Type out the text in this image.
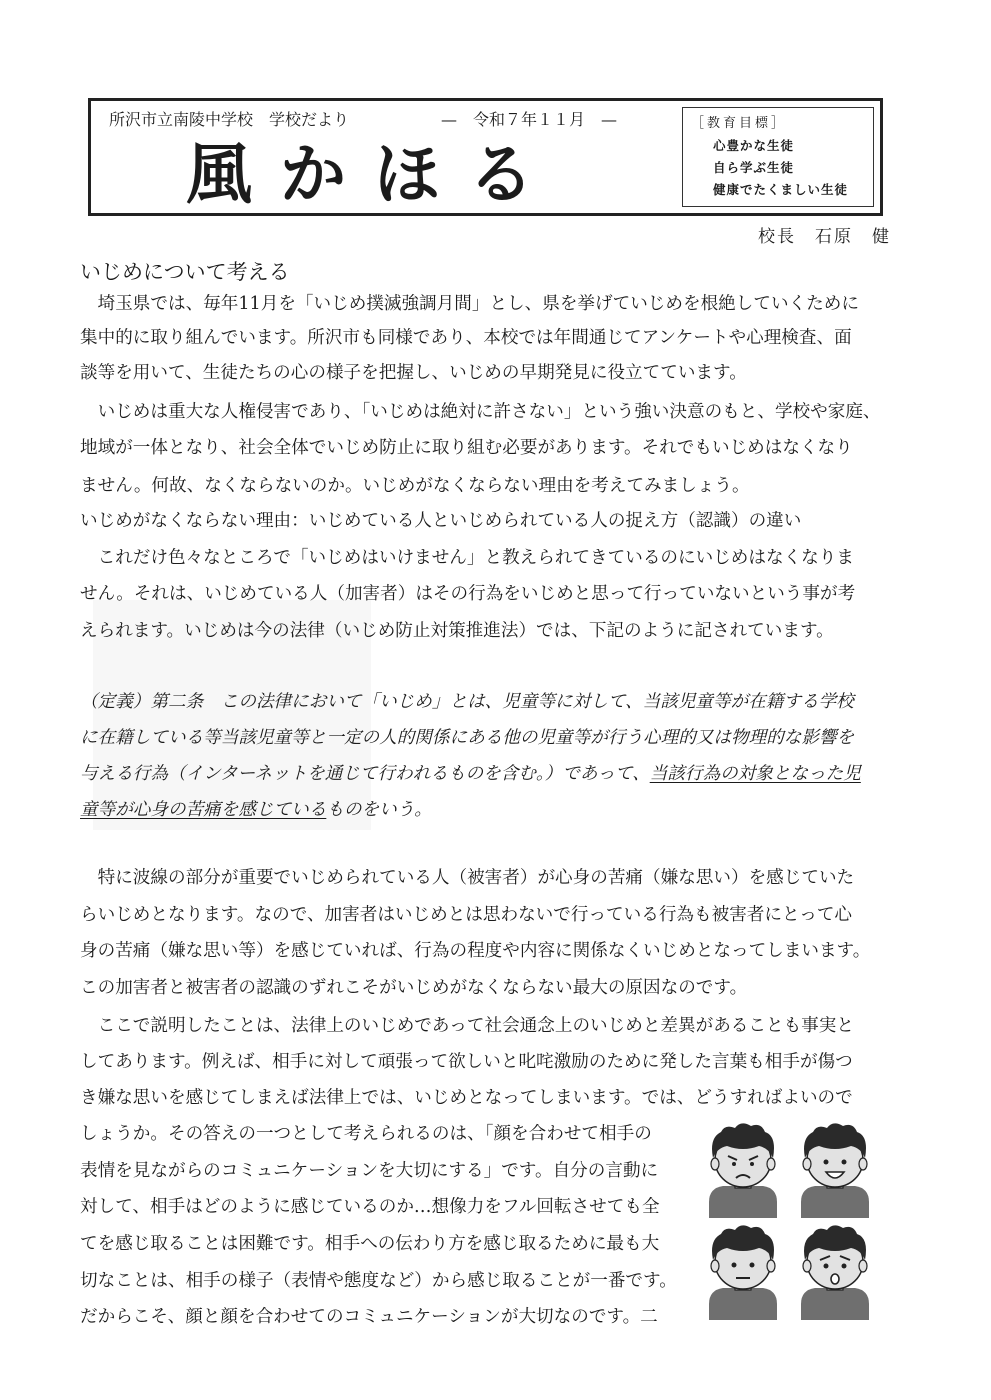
所沢市立南陵中学校　学校だより	—　令和７年１１月　—
風かほる
［教育目標］
心豊かな生徒
自ら学ぶ生徒
健康でたくましい生徒
校長　石原　健
いじめについて考える
　埼玉県では、毎年11月を「いじめ撲滅強調月間」とし、県を挙げていじめを根絶していくために
集中的に取り組んでいます。所沢市も同様であり、本校では年間通じてアンケートや心理検査、面
談等を用いて、生徒たちの心の様子を把握し、いじめの早期発見に役立てています。
　いじめは重大な人権侵害であり、「いじめは絶対に許さない」という強い決意のもと、学校や家庭、
地域が一体となり、社会全体でいじめ防止に取り組む必要があります。それでもいじめはなくなり
ません。何故、なくならないのか。いじめがなくならない理由を考えてみましょう。
いじめがなくならない理由：いじめている人といじめられている人の捉え方（認識）の違い
　これだけ色々なところで「いじめはいけません」と教えられてきているのにいじめはなくなりま
せん。それは、いじめている人（加害者）はその行為をいじめと思って行っていないという事が考
えられます。いじめは今の法律（いじめ防止対策推進法）では、下記のように記されています。
（定義）第二条　この法律において「いじめ」とは、児童等に対して、当該児童等が在籍する学校
に在籍している等当該児童等と一定の人的関係にある他の児童等が行う心理的又は物理的な影響を
与える行為（インターネットを通じて行われるものを含む。）であって、当該行為の対象となった児
童等が心身の苦痛を感じているものをいう。
　特に波線の部分が重要でいじめられている人（被害者）が心身の苦痛（嫌な思い）を感じていた
らいじめとなります。なので、加害者はいじめとは思わないで行っている行為も被害者にとって心
身の苦痛（嫌な思い等）を感じていれば、行為の程度や内容に関係なくいじめとなってしまいます。
この加害者と被害者の認識のずれこそがいじめがなくならない最大の原因なのです。
　ここで説明したことは、法律上のいじめであって社会通念上のいじめと差異があることも事実と
してあります。例えば、相手に対して頑張って欲しいと叱咤激励のために発した言葉も相手が傷つ
き嫌な思いを感じてしまえば法律上では、いじめとなってしまいます。では、どうすればよいので
しょうか。その答えの一つとして考えられるのは、「顔を合わせて相手の
表情を見ながらのコミュニケーションを大切にする」です。自分の言動に
対して、相手はどのように感じているのか…想像力をフル回転させても全
てを感じ取ることは困難です。相手への伝わり方を感じ取るために最も大
切なことは、相手の様子（表情や態度など）から感じ取ることが一番です。
だからこそ、顔と顔を合わせてのコミュニケーションが大切なのです。二
